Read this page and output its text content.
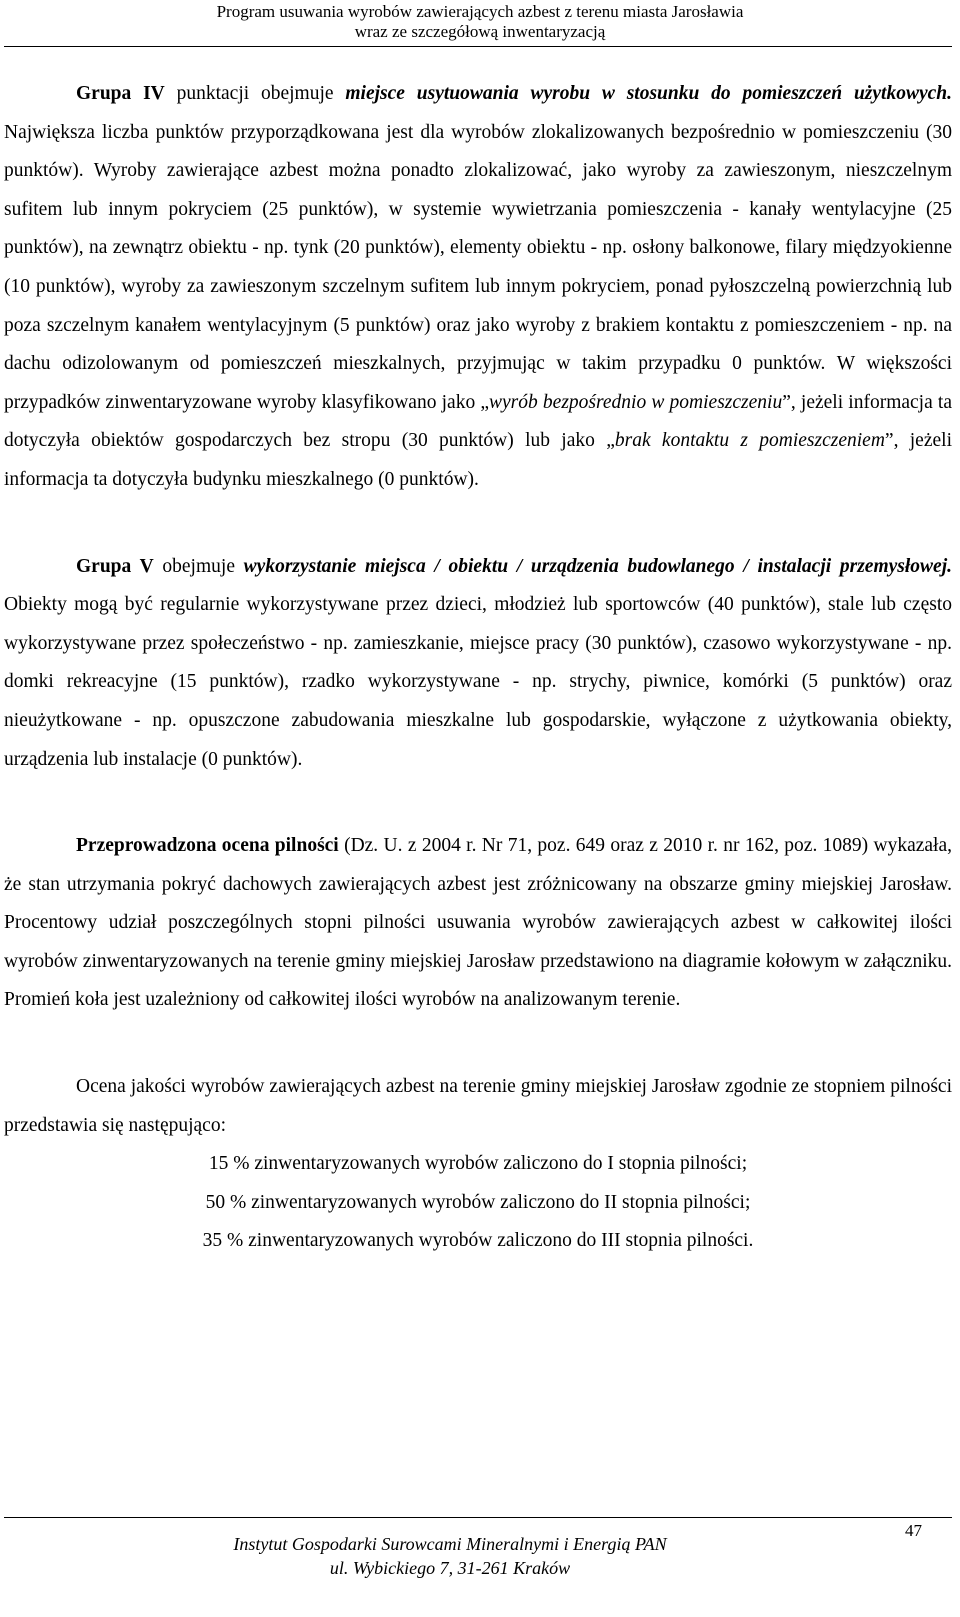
Program usuwania wyrobów zawierających azbest z terenu miasta Jarosławia
wraz ze szczegółową inwentaryzacją

Grupa IV punktacji obejmuje miejsce usytuowania wyrobu w stosunku do pomieszczeń użytkowych. Największa liczba punktów przyporządkowana jest dla wyrobów zlokalizowanych bezpośrednio w pomieszczeniu (30 punktów). Wyroby zawierające azbest można ponadto zlokalizować, jako wyroby za zawieszonym, nieszczelnym sufitem lub innym pokryciem (25 punktów), w systemie wywietrzania pomieszczenia - kanały wentylacyjne (25 punktów), na zewnątrz obiektu - np. tynk (20 punktów), elementy obiektu - np. osłony balkonowe, filary międzyokienne (10 punktów), wyroby za zawieszonym szczelnym sufitem lub innym pokryciem, ponad pyłoszczelną powierzchnią lub poza szczelnym kanałem wentylacyjnym (5 punktów) oraz jako wyroby z brakiem kontaktu z pomieszczeniem - np. na dachu odizolowanym od pomieszczeń mieszkalnych, przyjmując w takim przypadku 0 punktów. W większości przypadków zinwentaryzowane wyroby klasyfikowano jako „wyrób bezpośrednio w pomieszczeniu”, jeżeli informacja ta dotyczyła obiektów gospodarczych bez stropu (30 punktów) lub jako „brak kontaktu z pomieszczeniem”, jeżeli informacja ta dotyczyła budynku mieszkalnego (0 punktów).

Grupa V obejmuje wykorzystanie miejsca / obiektu / urządzenia budowlanego / instalacji przemysłowej. Obiekty mogą być regularnie wykorzystywane przez dzieci, młodzież lub sportowców (40 punktów), stale lub często wykorzystywane przez społeczeństwo - np. zamieszkanie, miejsce pracy (30 punktów), czasowo wykorzystywane - np. domki rekreacyjne (15 punktów), rzadko wykorzystywane - np. strychy, piwnice, komórki (5 punktów) oraz nieużytkowane - np. opuszczone zabudowania mieszkalne lub gospodarskie, wyłączone z użytkowania obiekty, urządzenia lub instalacje (0 punktów).

Przeprowadzona ocena pilności (Dz. U. z 2004 r. Nr 71, poz. 649 oraz z 2010 r. nr 162, poz. 1089) wykazała, że stan utrzymania pokryć dachowych zawierających azbest jest zróżnicowany na obszarze gminy miejskiej Jarosław. Procentowy udział poszczególnych stopni pilności usuwania wyrobów zawierających azbest w całkowitej ilości wyrobów zinwentaryzowanych na terenie gminy miejskiej Jarosław przedstawiono na diagramie kołowym w załączniku. Promień koła jest uzależniony od całkowitej ilości wyrobów na analizowanym terenie.

Ocena jakości wyrobów zawierających azbest na terenie gminy miejskiej Jarosław zgodnie ze stopniem pilności przedstawia się następująco:

15 % zinwentaryzowanych wyrobów zaliczono do I stopnia pilności;

50 % zinwentaryzowanych wyrobów zaliczono do II stopnia pilności;

35 % zinwentaryzowanych wyrobów zaliczono do III stopnia pilności.

Instytut Gospodarki Surowcami Mineralnymi i Energią PAN
ul. Wybickiego 7, 31-261 Kraków
47
